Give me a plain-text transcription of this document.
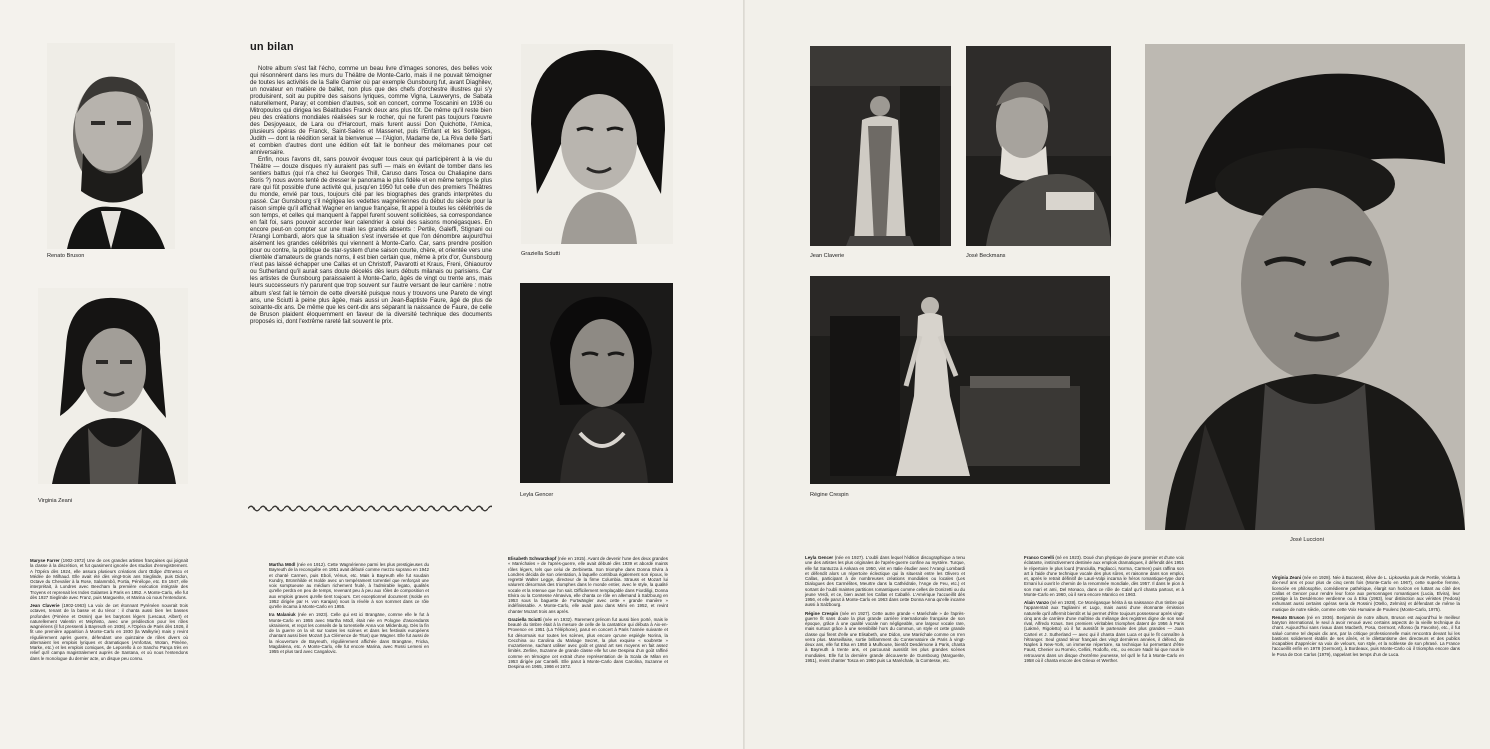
Renato Bruson
Virginia Zeani
un bilan

Notre album s'est fait l'écho, comme un beau livre d'images sonores, des belles voix qui résonnèrent dans les murs du Théâtre de Monte-Carlo, mais il ne pouvait témoigner de toutes les activités de la Salle Garnier où par exemple Gunsbourg fut, avant Diaghilev, un novateur en matière de ballet, non plus que des chefs d'orchestre illustres qui s'y produisirent, soit au pupitre des saisons lyriques, comme Vigna, Lauweryns, de Sabata naturellement, Paray; et combien d'autres, soit en concert, comme Toscanini en 1936 ou Mitropoulos qui dirigea les Béatitudes Franck deux ans plus tôt. De même qu'il reste bien peu des créations mondiales réalisées sur le rocher, qui ne furent pas toujours l'œuvre des Desjoyeaux, de Lara ou d'Harcourt, mais furent aussi Don Quichotte, l'Amica, plusieurs opéras de Franck, Saint-Saëns et Massenet, puis l'Enfant et les Sortilèges, Judith — dont la réédition serait la bienvenue — l'Aiglon, Madame de, La Riva delle Sarti et combien d'autres dont une édition eût fait le bonheur des mélomanes pour cet anniversaire.

Enfin, nous l'avons dit, sans pouvoir évoquer tous ceux qui participèrent à la vie du Théâtre — douze disques n'y auraient pas suffi — mais en évitant de tomber dans les sentiers battus (qui n'a chez lui Georges Thill, Caruso dans Tosca ou Chaliapine dans Boris ?) nous avons tenté de dresser le panorama le plus fidèle et en même temps le plus rare qui fût possible d'une activité qui, jusqu'en 1950 fut celle d'un des premiers Théâtres du monde, envié par tous, toujours cité par les biographes des grands interprètes du passé. Car Gunsbourg s'il négligea les vedettes wagnériennes du début du siècle pour la raison simple qu'il affichait Wagner en langue française, fit appel à toutes les célébrités de son temps, et celles qui manquent à l'appel furent souvent sollicitées, sa correspondance en fait foi, sans pouvoir accorder leur calendrier à celui des saisons monégasques. En encore peut-on compter sur une main les grands absents : Pertile, Galeffi, Stignani ou l'Arangi Lombardi, alors que la situation s'est inversée et que l'on dénombre aujourd'hui aisément les grandes célébrités qui viennent à Monte-Carlo. Car, sans prendre position pour ou contre, la politique de star-system d'une saison courte, chère, et orientée vers une clientèle d'amateurs de grands noms, il est bien certain que, même à prix d'or, Gunsbourg n'eut pas laissé échapper une Callas et un Christoff, Pavarotti et Kraus, Freni, Ghiaourov ou Sutherland qu'il aurait sans doute décelés dès leurs débuts milanais ou parisiens. Car les artistes de Gunsbourg paraissaient à Monte-Carlo, âgés de vingt ou trente ans, mais leurs successeurs n'y parurent que trop souvent sur l'autre versant de leur carrière : notre album s'est fait le témoin de cette diversité puisque nous y trouvons une Pareto de vingt ans, une Sciutti à peine plus âgée, mais aussi un Jean-Baptiste Faure, âgé de plus de soixante-dix ans. De même que les cent-dix ans séparant la naissance de Faure, de celle de Bruson plaident éloquemment en faveur de la diversité technique des documents proposés ici, dont l'extrême rareté fait souvent le prix.

Graziella Sciutti
Leyla Gencer

Maryse Farrer (1902-1972) Une de ces grandes artistes françaises qui joignait la classe à la discrétion, et fut quasiment ignorée des studios d'enregistrement. A l'Opéra dès 1924, elle assura plusieurs créations dont Œdipe d'Enesco et Médée de Milhaud. Elle avait été dès vingt-trois ans Sieglinde, puis Didon, Octave du Chevalier à la Rose, Salammbô, Portia, Pénélope, etc. En 1947, elle interprétait, à Londres avec Beecham la première exécution intégrale des Troyens et reprenait les Indes Galantes à Paris en 1952. A Monte-Carlo, elle fut dès 1927 Sieglinde avec Franz, puis Marguerite, et Marina où nous l'entendons.

Jean Claverie (1902-1963) La voix de cet étonnant Pyrénéen nouvrait trois octaves, tenant de la basse et du ténor : il chanta aussi bien les basses profondes (Pimène et Osmin) que les barytons légers (Lescaut, Albert) et naturellement Valentin et Méphisto, avec une prédilection pour les rôles wagnériens (il fut pressenti à Bayreuth en 1936). A l'Opéra de Paris dès 1926, il fit une première apparition à Monte-Carlo en 1930 (la Walkyrie) mais y revint régulièrement après guerre, défendant une quinzaine de rôles divers où alternaient les emplois lyriques et dramatiques (Amfortas, Wotan, Pimène, Marke, etc.) et les emplois comiques, de Leporello à ce Sancho Pança très en relief qu'il campa magistralement auprès de Santana, et où nous l'entendons dans le monologue du dernier acte, un disque peu connu.

Martha Mödl (née en 1912). Cette Wagnérienne parmi les plus prestigieuses du Bayreuth de la reconquête en 1951 avait débuté comme mezzo soprano en 1942 et chanté Carmen, puis Eboli, Vénus, etc. Mais à Bayreuth elle fut soudain Kundry, Brünnhilde et Isolde avec un tempérament torrentiel que renforçait une voix somptueuse au médium richement fruité, à l'admirable legato, qualités qu'elle perdra en peu de temps, revenant peu à peu aux rôles de composition et aux emplois graves qu'elle tient toujours. Cet exceptionnel document (Isolde en 1952 dirigée par H. von Karajan) nous la révèle à son sommet dans ce rôle qu'elle incarna à Monte-Carlo en 1955.

Ira Malaniuk (née en 1923). Celle qui est ici Brangäne, comme elle le fut à Monte-Carlo en 1955 avec Martha Mödl, était née en Pologne d'ascendants ukrainiens, et reçut les conseils de la torrentielle Anna von Mildenburg. Dès la fin de la guerre on la vit sur toutes les scènes et dans les festivals européens chantant aussi bien Mozart (La Clémence de Titus) que Wagner. Elle fut aussi de la réouverture de Bayreuth, régulièrement affichée dans Brangäne, Fricka, Magdalena, etc. A Monte-Carlo, elle fut encore Marina, avec Rossi Lemeni en 1955 et plus tard avec Cangalovic.

Elisabeth Schwarzkopf (née en 1915). Avant de devenir l'une des deux grandes « Maréchales » de l'après-guerre, elle avait débuté dès 1939 et abordé maints rôles légers, tels que celui de Zerbinetta. Son triomphe dans Donna Elvira à Londres décida de son orientation, à laquelle contribua également son époux, le regretté Walter Legge, directeur de la firme Columbia. Strauss et Mozart lui valurent désormais des triomphes dans le monde entier, avec le style, la qualité vocale et la retenue que l'on sait. Difficilement remplaçable dans Fiordiligi, Donna Elvira ou la Comtesse Almaviva, elle chanta ce rôle en allemand à Salzbourg en 1953 sous la baguette de Furtwängler avec cette « grande manière » indéfinissable. A Monte-Carlo, elle avait paru dans Mimi en 1952, et revint chanter Mozart trois ans après.

Graziella Sciutti (née en 1932). Rarement prénom fut aussi bien porté, mais le beauté du timbre était à la mesure de celle de la cantatrice qui débuta à Aix-en-Provence en 1951 (La Téléphone), parut en concert à Paris l'année suivante et fut désormais sur toutes les scènes, plus encore qu'une espiègle Norina, la Cecchina ou Carolina du Mariage Secret, la plus exquise « soubrette » mozartienne, sachant utiliser avec goût et grand art ses moyens en fait assez limités. Zerline, Suzanne de grande classe elle fut une Despina d'un goût raffiné comme en témoigne cet extrait d'une représentation de la Scala de Milan en 1953 dirigée par Cantelli. Elle parut à Monte-Carlo dans Carolina, Suzanne et Despina en 1965, 1966 et 1972.

Jean Claverie	José Beckmans
Régine Crespin
José Luccioni

Leyla Gencer (née en 1927). L'oubli dans lequel l'édition discographique a tenu une des artistes les plus originales de l'après-guerre confine au mystère. Turque, elle fut Santuzza à Ankara en 1950, vint en Italie étudier avec l'Arangi Lombardi et défendit alors un répertoire éclectique qui la situerait entre les Olivero et Callas, participant à de nombreuses créations mondiales ou locales (Les Dialogues des Carmélites, Meurtre dans la Cathédrale, l'Ange de Feu, etc.) et sortant de l'oubli maintes partitions romantiques comme celles de Donizetti ou du jeune Verdi, et ce, bien avant les Callas et Caballé. L'Amérique l'accueillit dès 1956, et elle parut à Monte-Carlo en 1963 dans cette Donna Anna qu'elle incarne aussi à Salzbourg.

Régine Crespin (née en 1927). Cette autre grande « Maréchale » de l'après-guerre fit sans doute la plus grande carrière internationale française de son époque, grâce à une qualité vocale non négligeable, une largeur vocale rare, mais surtout grâce à une sensibilité hors du commun, un style et cette grande classe qui firent d'elle une Elisabeth, une Didon, une Maréchale comme on n'en verra plus. Marseillaise, sortie brillamment du Conservatoire de Paris à vingt-deux ans, elle fut Elsa en 1950 à Mulhouse, bientôt Desdémone à Paris, chanta à Bayreuth à trente ans, et parcourait aussitôt les plus grandes scènes mondiales. Elle fut la dernière grande découverte de Gunsbourg (Marguerite, 1951), revint chanter Tosca en 1960 puis La Maréchale, la Comtesse, etc.

Franco Corelli (né en 1923). Doué d'un physique de jeune premier et d'une voix éclatante, instinctivement destinée aux emplois dramatiques, il défendit dès 1951 le répertoire le plus lourd (Fanciulla, Pagliacci, Norma, Carmen) puis raffina son art à l'aide d'une technique vocale des plus sûres, et raisonne dans son emploi, et, après le retrait définitif de Lauri-Volpi incarna le héros romantique-type dont Ernani lui ouvrit le chemin de la renommée mondiale, dès 1957. Il dans le pion à son mari et ami, Del Monaco, dans ce rôle de Calaf qu'il chanta partout, et à Monte-Carlo en 1960, où il sera encore Manrico en 1963.

Alain Vanzo (né en 1928). Ce Monégasque hérita à sa naissance d'un timbre qui l'apparentait aux Tagliavini et Lugo, mais aussi d'une étonnante émission naturelle qu'il affermit bientôt et lui permet d'être toujours possesseur après vingt-cinq ans de carrière d'une maîtrise du mélange des registres digne de son seul rival, Alfredo Kraus. Ses premiers véritables triomphes datent de 1956 à Paris (Lakmé, Rigoletto) où il fut aussitôt le partenaire des plus grandes — Joan Carteri et J. Sutherland — avec qui il chanta dans Luca et qui le fit connaître à l'étranger. Seul grand ténor français des vingt dernières années, il défend, de Naples à New-York, un immense répertoire, sa technique lui permettant d'être Faust, Chenier ou Roméo, Cellini, Rodolfo, etc., ou encore Nadir lui que nous le retrouvons dans un disque d'extrême jeunesse, tel qu'il le fut à Monte-Carlo en 1958 où il chanta encore des Grieux et Werther.

Virginia Zeani (née en 1928). Née à Bucarest, élève de L. Lipkowska puis de Pertile, Violetta à dix-neuf ans et pour plus de cinq cents fois (Monte-Carlo en 1967), cette superbe femme, licenciée en philosophie, comédienne pathétique, élargit son horizon en luttant au côté des Callas et Gencer pour rendre leur force aux personnages romantiques (Lucia, Elvira), leur prestige à la Desdémone verdienne ou à Elsa (1963), leur distinction aux véristes (Fedora) exhumant aussi certains opéras seria de Rossini (Otello, Zelmira) et défendant de même la musique de notre siècle, comme cette Voix Humaine de Poulenc (Monte-Carlo, 1975).

Renato Bruson (né en 1936). Benjamin de notre album, Bruson est aujourd'hui le meilleur baryton international, le seul à avoir renoué avec certains aspects de la vieille technique du chant. Aujourd'hui sans rivaux dans Macbeth, Posa, Germont, Alfonso (la Favorite), etc., il fut salué comme tel depuis dix ans, par la critique professionnelle mais rencontra devant lui les bastions solidement établis de ses aînés, et le dilettantisme des directeurs et des publics incapables d'apprécier sa voix de velours, son style, et la noblesse de son phrasé. La France l'accueillit enfin en 1978 (Germont), à Bordeaux, puis Monte-Carlo où il triompha encore dans le Posa de Don Carlos (1979), rappelant les temps d'un de Luca.
